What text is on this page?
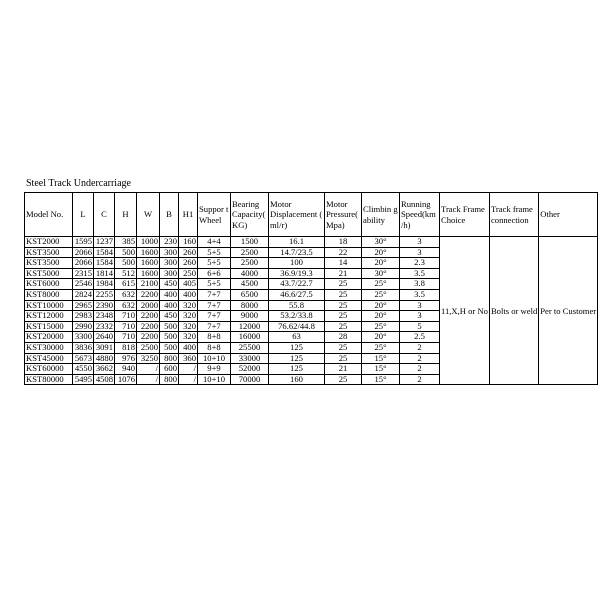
Steel Track Undercarriage
Model No.	L	C	H	W	B	H1	Suppor t Wheel	Bearing Capacity( KG)	Motor Displacement ( ml/r)	Motor Pressure( Mpa)	Climbin g ability	Running Speed(km /h)	Track Frame Choice	Track frame connection	Other
KST2000	1595	1237	385	1000	230	160	4+4	1500	16.1	18	30°	3	11,X,H or No	Bolts or weld	Per to Customer
KST3500	2066	1584	500	1600	300	260	5+5	2500	14.7/23.5	22	20°	3			
KST3500	2066	1584	500	1600	300	260	5+5	2500	100	14	20°	2.3			
KST5000	2315	1814	512	1600	300	250	6+6	4000	36.9/19.3	21	30°	3.5			
KST6000	2546	1984	615	2100	450	405	5+5	4500	43.7/22.7	25	25°	3.8			
KST8000	2824	2255	632	2200	400	400	7+7	6500	46.6/27.5	25	25°	3.5			
KST10000	2965	2390	632	2000	400	320	7+7	8000	55.8	25	20°	3			
KST12000	2983	2348	710	2200	450	320	7+7	9000	53.2/33.8	25	20°	3			
KST15000	2990	2332	710	2200	500	320	7+7	12000	76.62/44.8	25	25°	5			
KST20000	3300	2640	710	2200	500	320	8+8	16000	63	28	20°	2.5			
KST30000	3836	3091	818	2500	500	400	8+8	25500	125	25	25°	2			
KST45000	5673	4880	976	3250	800	360	10+10	33000	125	25	15°	2			
KST60000	4550	3662	940	/	600	/	9+9	52000	125	21	15°	2			
KST80000	5495	4508	1076	/	800	/	10+10	70000	160	25	15°	2			
